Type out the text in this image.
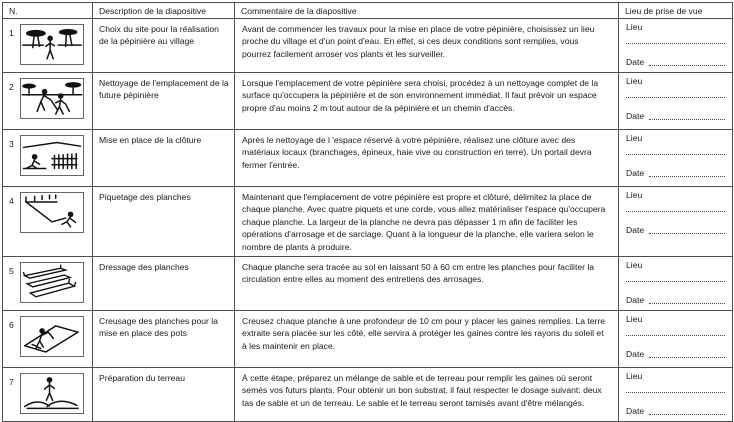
N.	Description de la diapositive	Commentaire de la diapositive	Lieu de prise de vue

1	Choix du site pour la réalisation de la pépinière au village	Avant de commencer les travaux pour la mise en place de votre pépinière, choisissez un lieu proche du village et d'un point d'eau. En effet, si ces deux conditions sont remplies, vous pourrez facilement arroser vos plants et les surveiller.	Lieu
Date

2	Nettoyage de l'emplacement de la future pépinière	Lorsque l'emplacement de votre pépinière sera choisi, procédez à un nettoyage complet de la surface qu'occupera la pépinière et de son environnement immédiat. Il faut prévoir un espace propre d'au moins 2 m tout autour de la pépinière et un chemin d'accès.	Lieu
Date

3	Mise en place de la clôture	Après le nettoyage de l 'espace réservé à votre pépinière, réalisez une clôture avec des matériaux locaux (branchages, épineux, haie vive ou construction en terre). Un portail devra fermer l'entrée.	Lieu
Date

4	Piquetage des planches	Maintenant que l'emplacement de votre pépinière est propre et clôturé, délimitez la place de chaque planche. Avec quatre piquets et une corde, vous allez matérialiser l'espace qu'occupera chaque planche. La largeur de la planche ne devra pas dépasser 1 m afin de faciliter les opérations d'arrosage et de sarclage. Quant à la longueur de la planche, elle variera selon le nombre de plants à produire.	Lieu
Date

5	Dressage des planches	Chaque planche sera tracée au sol en laissant 50 à 60 cm entre les planches pour faciliter la circulation entre elles au moment des entretiens des arrosages.	Lieu
Date

6	Creusage des planches pour la mise en place des pots	Creusez chaque planche à une profondeur de 10 cm pour y placer les gaines remplies. La terre extraite sera placée sur les côté, elle servira à protéger les gaines contre les rayons du soleil et à les maintenir en place.	Lieu
Date

7	Préparation du terreau	À cette étape, préparez un mélange de sable et de terreau pour remplir les gaines où seront semés vos futurs plants. Pour obtenir un bon substrat, il faut respecter le dosage suivant: deux tas de sable et un de terreau. Le sable et le terreau seront tamisés avant d'être mélangés.	Lieu
Date
